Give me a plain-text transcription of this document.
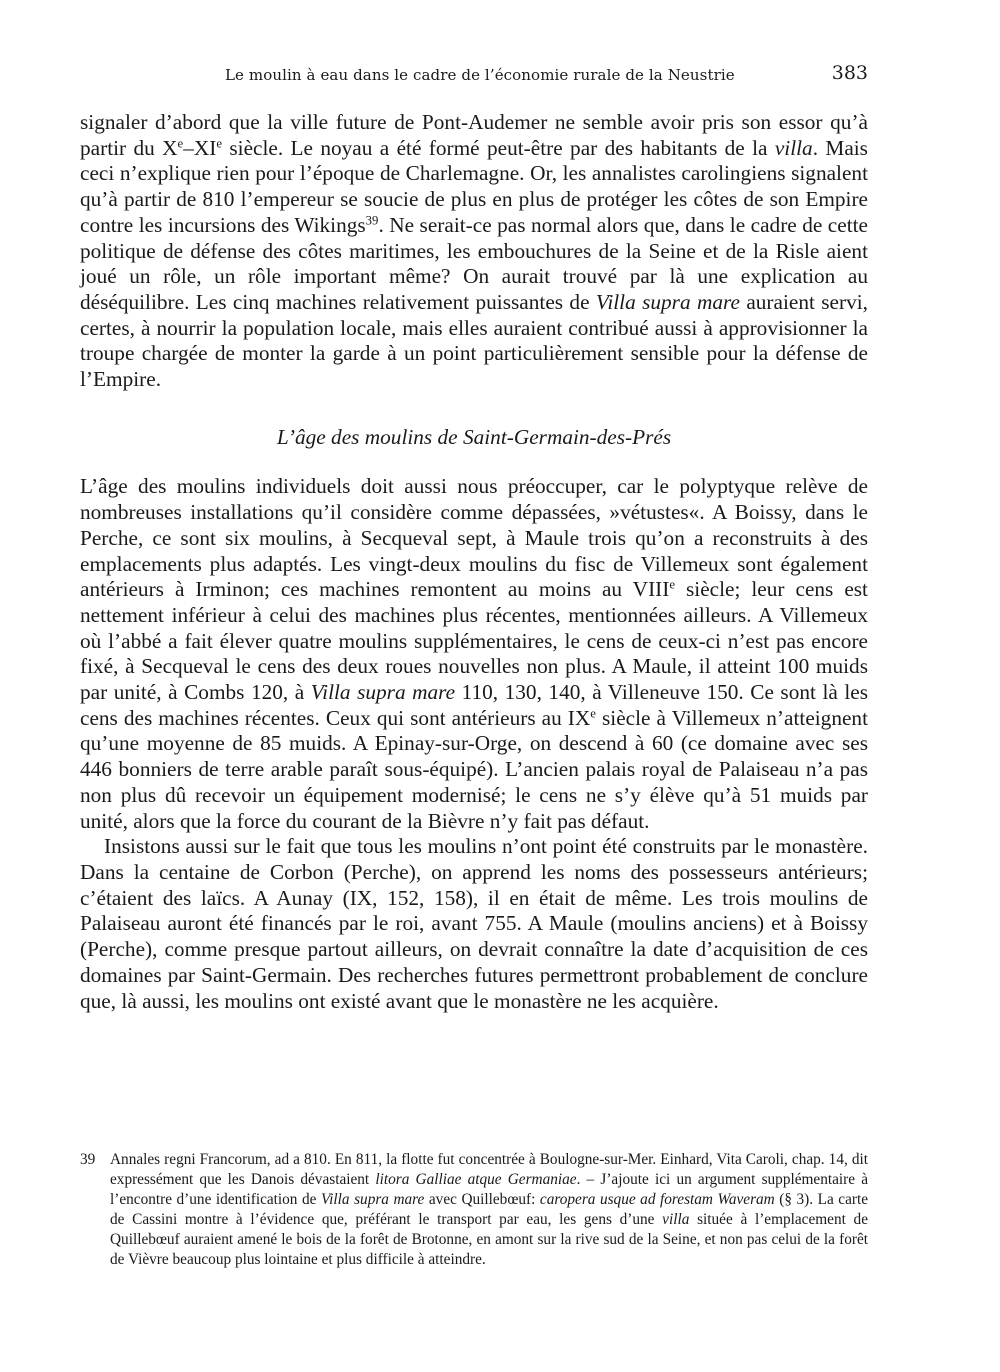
Le moulin à eau dans le cadre de l’économie rurale de la Neustrie	383

signaler d’abord que la ville future de Pont-Audemer ne semble avoir pris son essor qu’à partir du Xe–XIe siècle. Le noyau a été formé peut-être par des habitants de la villa. Mais ceci n’explique rien pour l’époque de Charlemagne. Or, les annalistes carolingiens signalent qu’à partir de 810 l’empereur se soucie de plus en plus de protéger les côtes de son Empire contre les incursions des Wikings$^{39}$. Ne serait-ce pas normal alors que, dans le cadre de cette politique de défense des côtes maritimes, les embouchures de la Seine et de la Risle aient joué un rôle, un rôle important même? On aurait trouvé par là une explication au déséquilibre. Les cinq machines relativement puissantes de Villa supra mare auraient servi, certes, à nourrir la population locale, mais elles auraient contribué aussi à approvisionner la troupe chargée de monter la garde à un point particulièrement sensible pour la défense de l’Empire.

L’âge des moulins de Saint-Germain-des-Prés

L’âge des moulins individuels doit aussi nous préoccuper, car le polyptyque relève de nombreuses installations qu’il considère comme dépassées, »vétustes«. A Boissy, dans le Perche, ce sont six moulins, à Secqueval sept, à Maule trois qu’on a reconstruits à des emplacements plus adaptés. Les vingt-deux moulins du fisc de Villemeux sont également antérieurs à Irminon; ces machines remontent au moins au VIIIe siècle; leur cens est nettement inférieur à celui des machines plus récentes, mentionnées ailleurs. A Villemeux où l’abbé a fait élever quatre moulins supplémentaires, le cens de ceux-ci n’est pas encore fixé, à Secqueval le cens des deux roues nouvelles non plus. A Maule, il atteint 100 muids par unité, à Combs 120, à Villa supra mare 110, 130, 140, à Villeneuve 150. Ce sont là les cens des machines récentes. Ceux qui sont antérieurs au IXe siècle à Villemeux n’atteignent qu’une moyenne de 85 muids. A Epinay-sur-Orge, on descend à 60 (ce domaine avec ses 446 bonniers de terre arable paraît sous-équipé). L’ancien palais royal de Palaiseau n’a pas non plus dû recevoir un équipement modernisé; le cens ne s’y élève qu’à 51 muids par unité, alors que la force du courant de la Bièvre n’y fait pas défaut.

Insistons aussi sur le fait que tous les moulins n’ont point été construits par le monastère. Dans la centaine de Corbon (Perche), on apprend les noms des possesseurs antérieurs; c’étaient des laïcs. A Aunay (IX, 152, 158), il en était de même. Les trois moulins de Palaiseau auront été financés par le roi, avant 755. A Maule (moulins anciens) et à Boissy (Perche), comme presque partout ailleurs, on devrait connaître la date d’acquisition de ces domaines par Saint-Germain. Des recherches futures permettront probablement de conclure que, là aussi, les moulins ont existé avant que le monastère ne les acquière.

39 Annales regni Francorum, ad a 810. En 811, la flotte fut concentrée à Boulogne-sur-Mer. Einhard, Vita Caroli, chap. 14, dit expressément que les Danois dévastaient litora Galliae atque Germaniae. – J’ajoute ici un argument supplémentaire à l’encontre d’une identification de Villa supra mare avec Quillebœuf: caropera usque ad forestam Waveram (§ 3). La carte de Cassini montre à l’évidence que, préférant le transport par eau, les gens d’une villa située à l’emplacement de Quillebœuf auraient amené le bois de la forêt de Brotonne, en amont sur la rive sud de la Seine, et non pas celui de la forêt de Vièvre beaucoup plus lointaine et plus difficile à atteindre.
